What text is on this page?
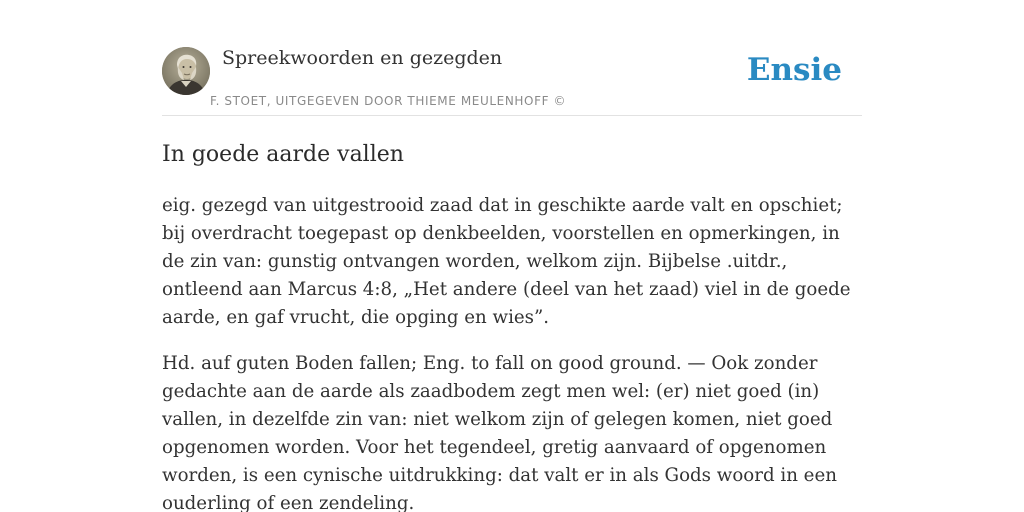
Spreekwoorden en gezegden
F. STOET, UITGEGEVEN DOOR THIEME MEULENHOFF ©
Ensie
In goede aarde vallen

eig. gezegd van uitgestrooid zaad dat in geschikte aarde valt en opschiet; bij overdracht toegepast op denkbeelden, voorstellen en opmerkingen, in de zin van: gunstig ontvangen worden, welkom zijn. Bijbelse .uitdr., ontleend aan Marcus 4:8, „Het andere (deel van het zaad) viel in de goede aarde, en gaf vrucht, die opging en wies”.

Hd. auf guten Boden fallen; Eng. to fall on good ground. — Ook zonder gedachte aan de aarde als zaadbodem zegt men wel: (er) niet goed (in) vallen, in dezelfde zin van: niet welkom zijn of gelegen komen, niet goed opgenomen worden. Voor het tegendeel, gretig aanvaard of opgenomen worden, is een cynische uitdrukking: dat valt er in als Gods woord in een ouderling of een zendeling.
